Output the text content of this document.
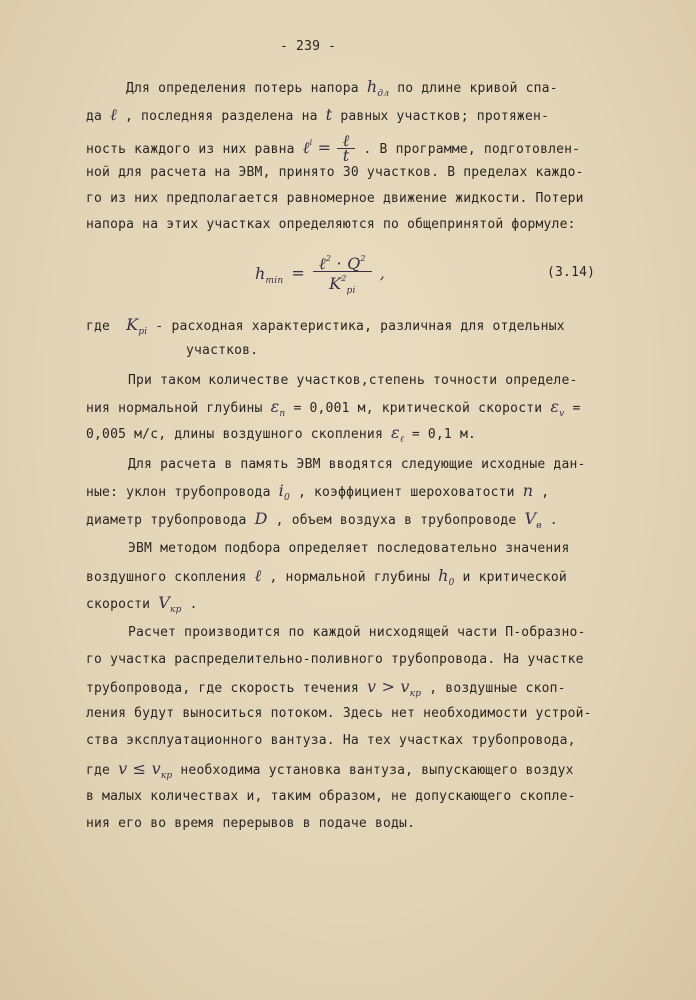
- 239 -
Для определения потерь напора $h_{дл}$ по длине кривой спа-
да ℓ , последняя разделена на t равных участков; протяжен-
ность каждого из них равна ℓ$^i$ = $\frac{\text{ℓ}}{t}$ . В программе, подготовлен-
ной для расчета на ЭВМ, принято 30 участков. В пределах каждо-
го из них предполагается равномерное движение жидкости. Потери
напора на этих участках определяются по общепринятой формуле:
$h_{min} = \frac{\ell^2 \cdot Q^2}{K^2_{pi}}$ ,	(3.14)
где $K_{pi}$ - расходная характеристика, различная для отдельных
участков.
При таком количестве участков,степень точности определе-
ния нормальной глубины $\varepsilon_n = 0,001$ м, критической скорости $\varepsilon_v$ =
0,005 м/с, длины воздушного скопления $\varepsilon_\ell = 0,1$ м.
Для расчета в память ЭВМ вводятся следующие исходные дан-
ные: уклон трубопровода $i_0$ , коэффициент шероховатости n ,
диаметр трубопровода D , объем воздуха в трубопроводе $V_в$ .
ЭВМ методом подбора определяет последовательно значения
воздушного скопления ℓ , нормальной глубины $h_0$ и критической
скорости $V_{кр}$ .
Расчет производится по каждой нисходящей части П-образно-
го участка распределительно-поливного трубопровода. На участке
трубопровода, где скорость течения $v > v_{кр}$ , воздушные скоп-
ления будут выноситься потоком. Здесь нет необходимости устрой-
ства эксплуатационного вантуза. На тех участках трубопровода,
где $v \le v_{кр}$ необходима установка вантуза, выпускающего воздух
в малых количествах и, таким образом, не допускающего скопле-
ния его во время перерывов в подаче воды.
